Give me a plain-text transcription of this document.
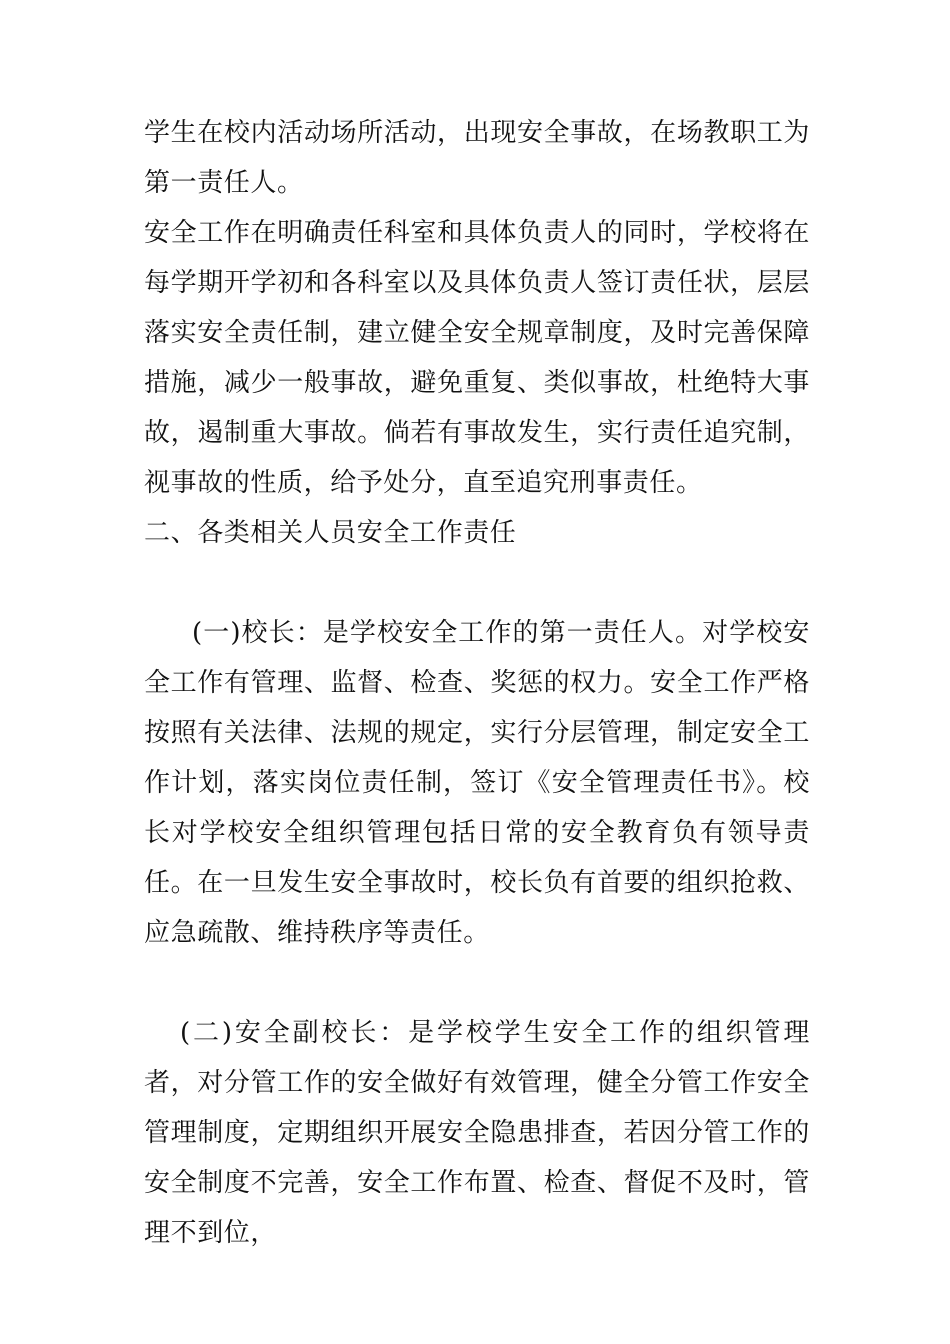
学生在校内活动场所活动，出现安全事故，在场教职工为第一责任人。

安全工作在明确责任科室和具体负责人的同时，学校将在每学期开学初和各科室以及具体负责人签订责任状，层层落实安全责任制，建立健全安全规章制度，及时完善保障措施，减少一般事故，避免重复、类似事故，杜绝特大事故，遏制重大事故。倘若有事故发生，实行责任追究制，视事故的性质，给予处分，直至追究刑事责任。

二、各类相关人员安全工作责任

(一)校长：是学校安全工作的第一责任人。对学校安全工作有管理、监督、检查、奖惩的权力。安全工作严格按照有关法律、法规的规定，实行分层管理，制定安全工作计划，落实岗位责任制，签订《安全管理责任书》。校长对学校安全组织管理包括日常的安全教育负有领导责任。在一旦发生安全事故时，校长负有首要的组织抢救、应急疏散、维持秩序等责任。

(二)安全副校长：是学校学生安全工作的组织管理者，对分管工作的安全做好有效管理，健全分管工作安全管理制度，定期组织开展安全隐患排查，若因分管工作的安全制度不完善，安全工作布置、检查、督促不及时，管理不到位，
